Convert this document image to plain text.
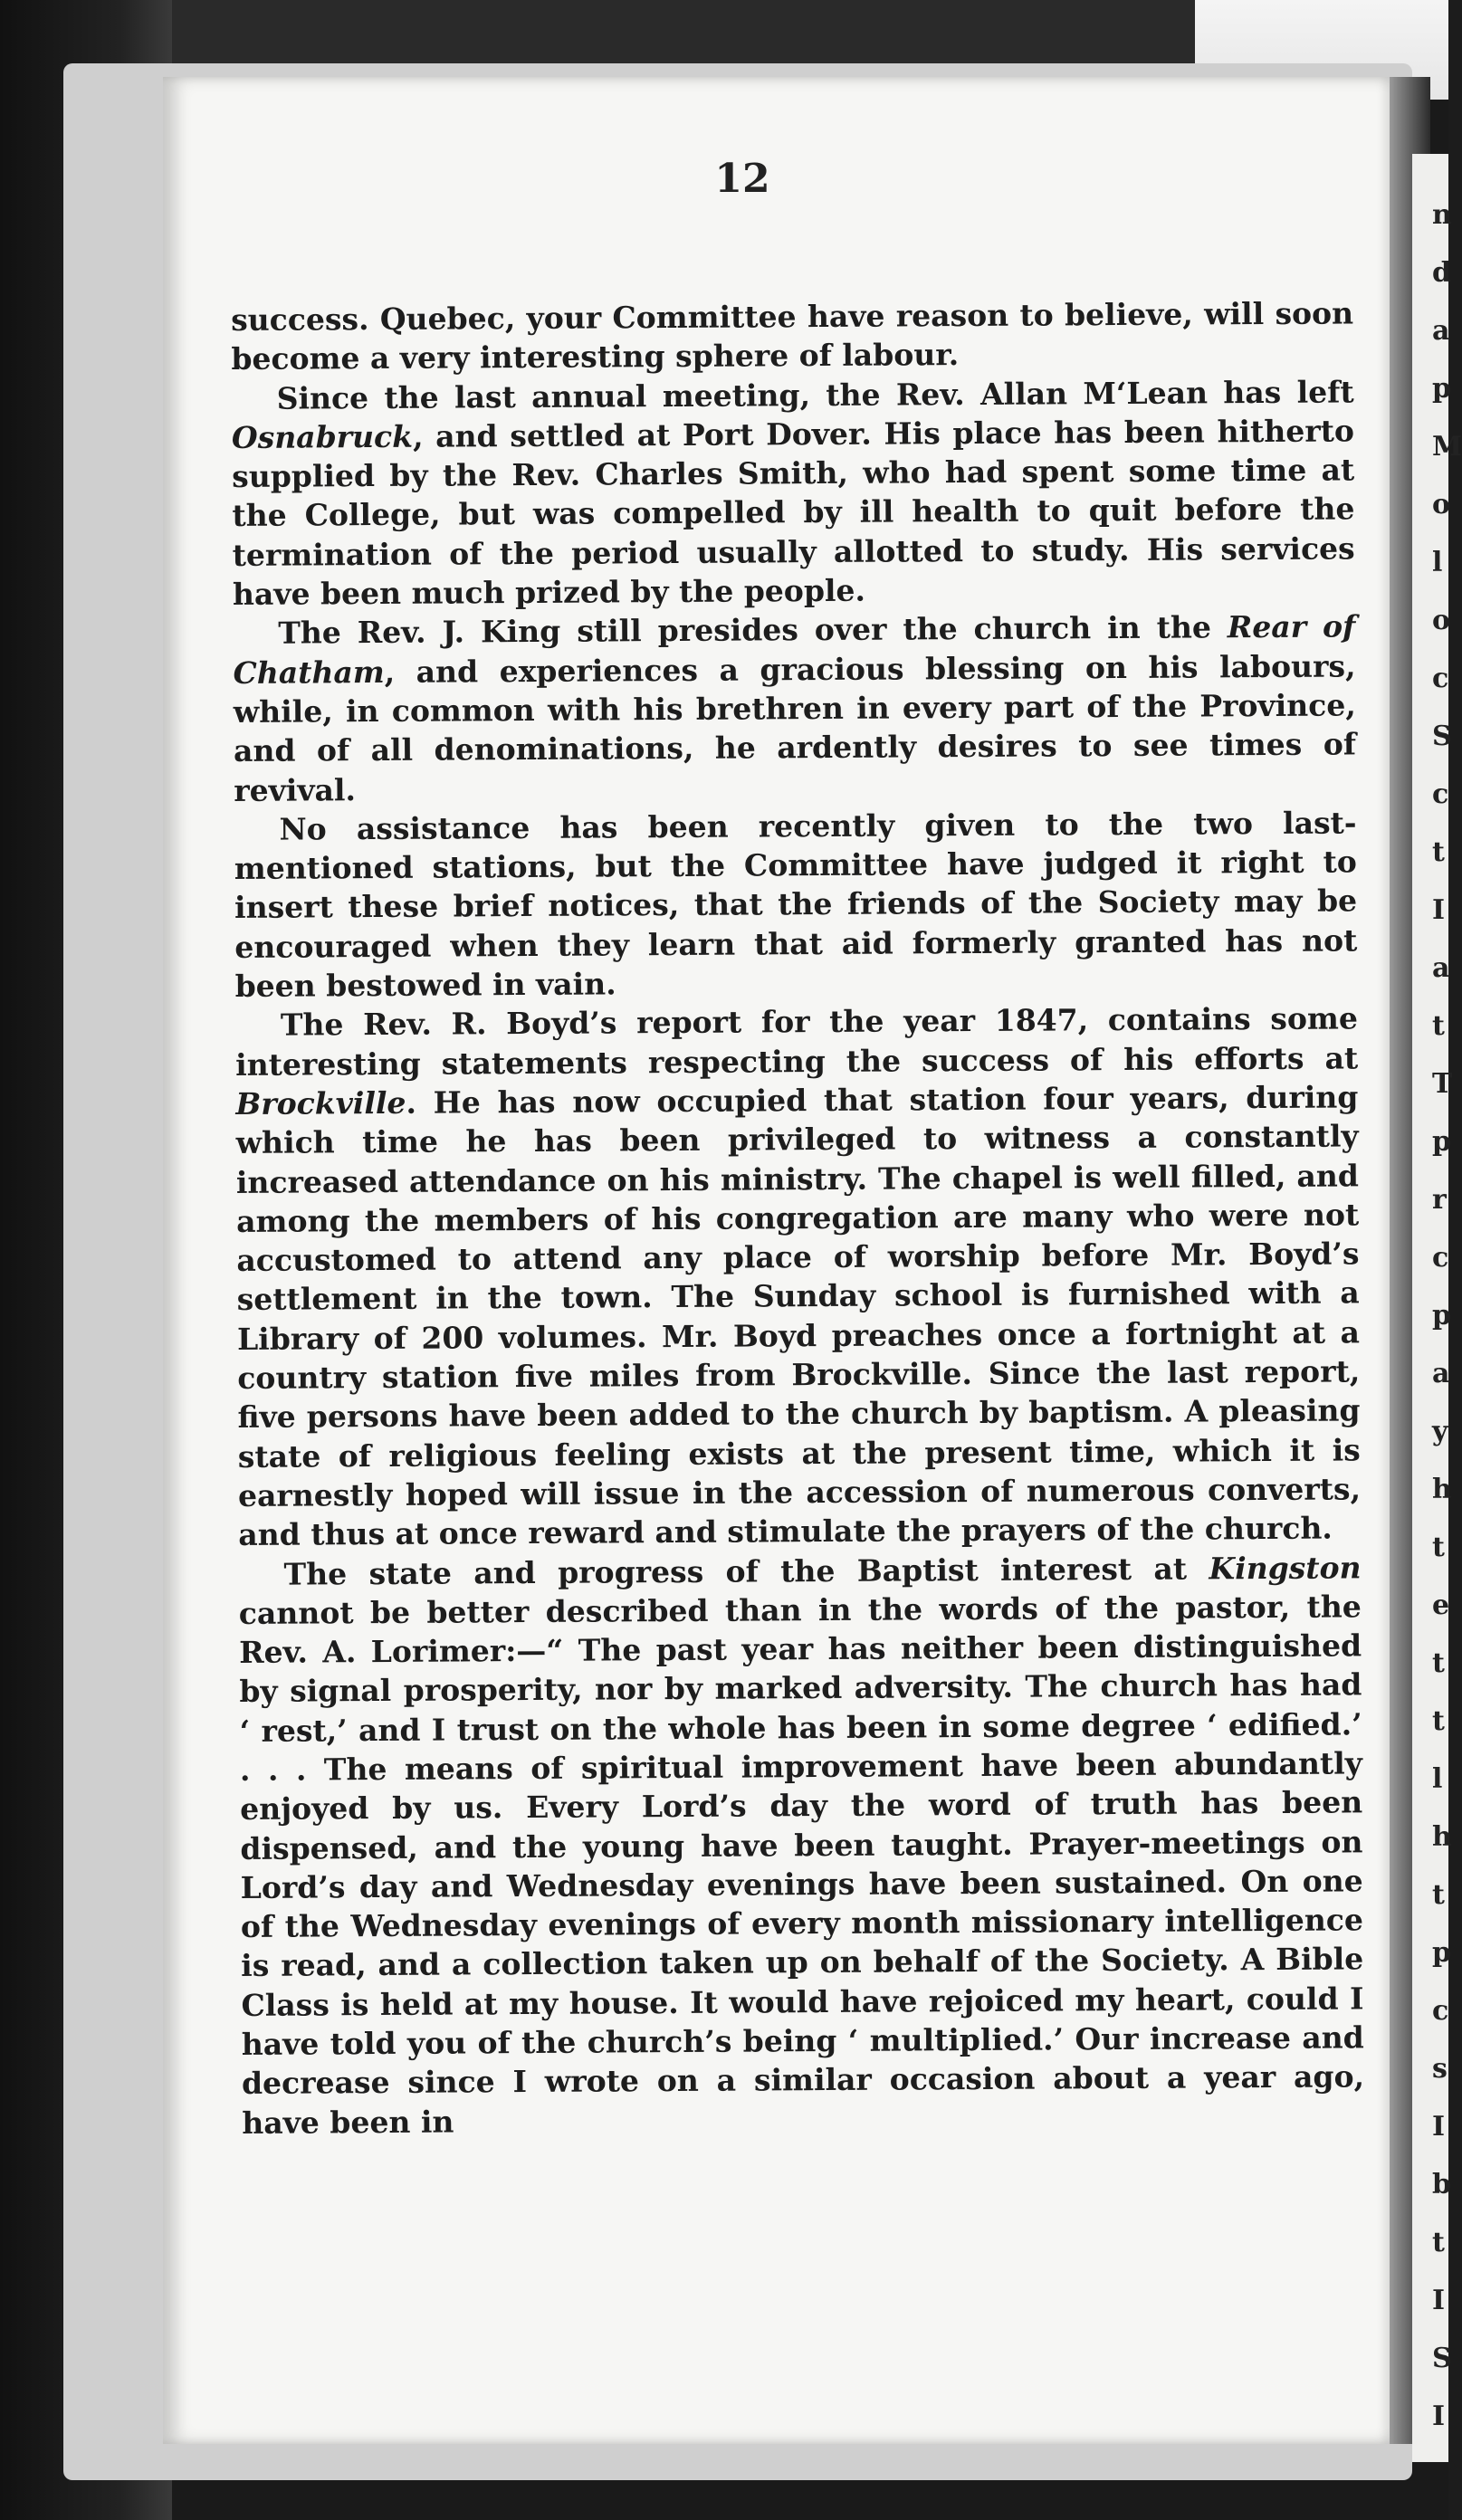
n
d
a
p
M
o
l
o
c
S
c
t
I
a
t
T
p
r
c
p
a
y
h
t
e
t
t
l
h
t
p
c
s
I
b
t
I
S
I
12

success. Quebec, your Committee have reason to believe, will soon become a very interesting sphere of labour.

Since the last annual meeting, the Rev. Allan M‘Lean has left Osnabruck, and settled at Port Dover. His place has been hitherto supplied by the Rev. Charles Smith, who had spent some time at the College, but was compelled by ill health to quit before the termination of the period usually allotted to study. His services have been much prized by the people.

The Rev. J. King still presides over the church in the Rear of Chatham, and experiences a gracious blessing on his labours, while, in common with his brethren in every part of the Province, and of all denominations, he ardently desires to see times of revival.

No assistance has been recently given to the two last-mentioned stations, but the Committee have judged it right to insert these brief notices, that the friends of the Society may be encouraged when they learn that aid formerly granted has not been bestowed in vain.

The Rev. R. Boyd’s report for the year 1847, contains some interesting statements respecting the success of his efforts at Brockville. He has now occupied that station four years, during which time he has been privileged to witness a constantly increased attendance on his ministry. The chapel is well filled, and among the members of his congregation are many who were not accustomed to attend any place of worship before Mr. Boyd’s settlement in the town. The Sunday school is furnished with a Library of 200 volumes. Mr. Boyd preaches once a fortnight at a country station five miles from Brockville. Since the last report, five persons have been added to the church by baptism. A pleasing state of religious feeling exists at the present time, which it is earnestly hoped will issue in the accession of numerous converts, and thus at once reward and stimulate the prayers of the church.

The state and progress of the Baptist interest at Kingston cannot be better described than in the words of the pastor, the Rev. A. Lorimer:—“ The past year has neither been distinguished by signal prosperity, nor by marked adversity. The church has had ‘ rest,’ and I trust on the whole has been in some degree ‘ edified.’ . . . The means of spiritual improvement have been abundantly enjoyed by us. Every Lord’s day the word of truth has been dispensed, and the young have been taught. Prayer-meetings on Lord’s day and Wednesday evenings have been sustained. On one of the Wednesday evenings of every month missionary intelligence is read, and a collection taken up on behalf of the Society. A Bible Class is held at my house. It would have rejoiced my heart, could I have told you of the church’s being ‘ multiplied.’ Our increase and decrease since I wrote on a similar occasion about a year ago, have been in
